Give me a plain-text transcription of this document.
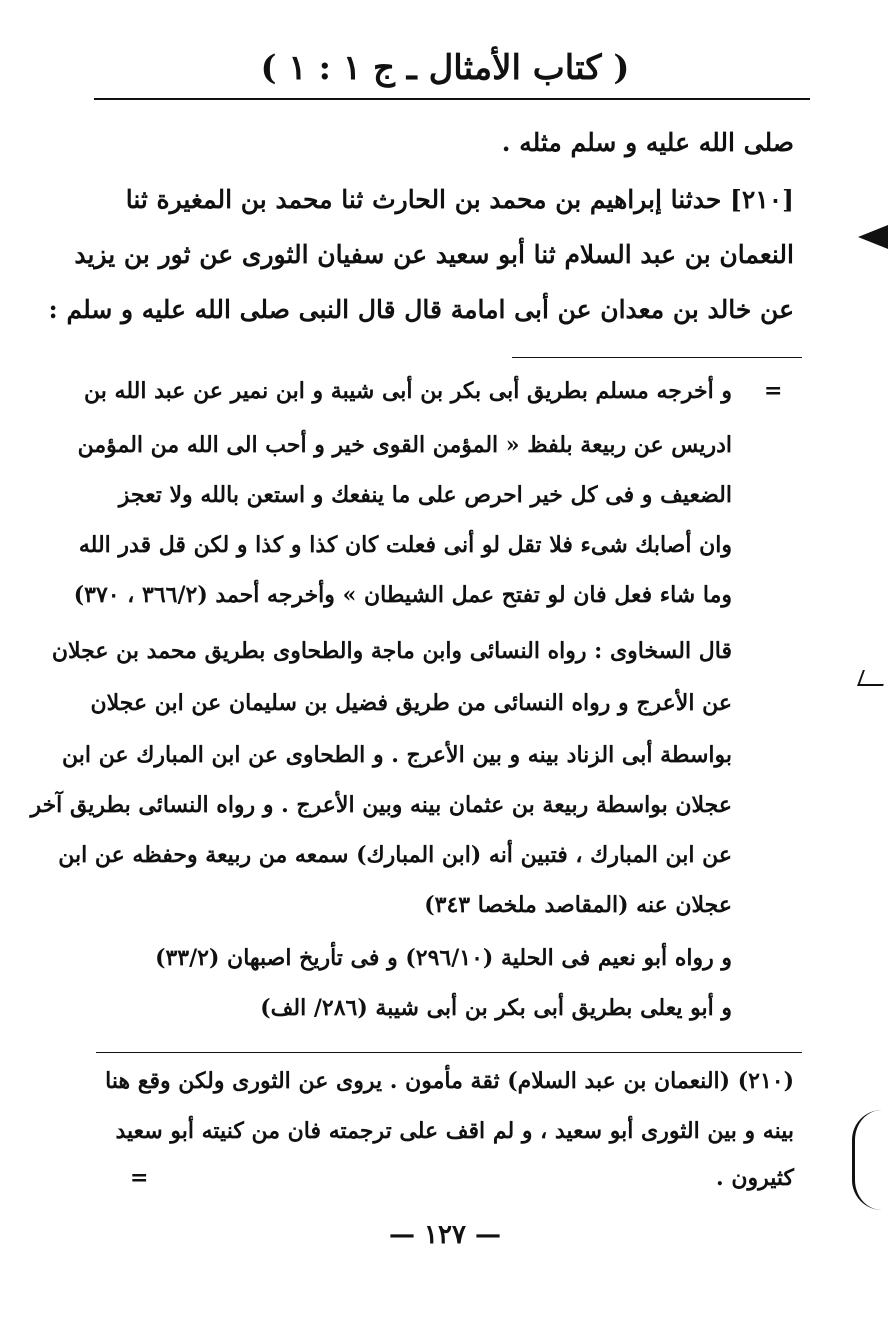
( كتاب الأمثال ـ ج ١ : ١ )
صلى الله عليه و سلم مثله .
[٢١٠] حدثنا إبراهيم بن محمد بن الحارث ثنا محمد بن المغيرة ثنا
النعمان بن عبد السلام ثنا أبو سعيد عن سفيان الثورى عن ثور بن يزيد
عن خالد بن معدان عن أبى امامة قال قال النبى صلى الله عليه و سلم :
=
و أخرجه مسلم بطريق أبى بكر بن أبى شيبة و ابن نمير عن عبد الله بن
ادريس عن ربيعة بلفظ « المؤمن القوى خير و أحب الى الله من المؤمن
الضعيف و فى كل خير احرص على ما ينفعك و استعن بالله ولا تعجز
وان أصابك شىء فلا تقل لو أنى فعلت كان كذا و كذا و لكن قل قدر الله
وما شاء فعل فان لو تفتح عمل الشيطان » وأخرجه أحمد (٣٦٦/٢ ، ٣٧٠)
قال السخاوى : رواه النسائى وابن ماجة والطحاوى بطريق محمد بن عجلان
عن الأعرج و رواه النسائى من طريق فضيل بن سليمان عن ابن عجلان
بواسطة أبى الزناد بينه و بين الأعرج . و الطحاوى عن ابن المبارك عن ابن
عجلان بواسطة ربيعة بن عثمان بينه وبين الأعرج . و رواه النسائى بطريق آخر
عن ابن المبارك ، فتبين أنه (ابن المبارك) سمعه من ربيعة وحفظه عن ابن
عجلان عنه (المقاصد ملخصا ٣٤٣)
و رواه أبو نعيم فى الحلية (٢٩٦/١٠) و فى تأريخ اصبهان (٣٣/٢)
و أبو يعلى بطريق أبى بكر بن أبى شيبة (٢٨٦/ الف)
(٢١٠) (النعمان بن عبد السلام) ثقة مأمون . يروى عن الثورى ولكن وقع هنا
بينه و بين الثورى أبو سعيد ، و لم اقف على ترجمته فان من كنيته أبو سعيد
كثيرون .
=
— ١٢٧ —
